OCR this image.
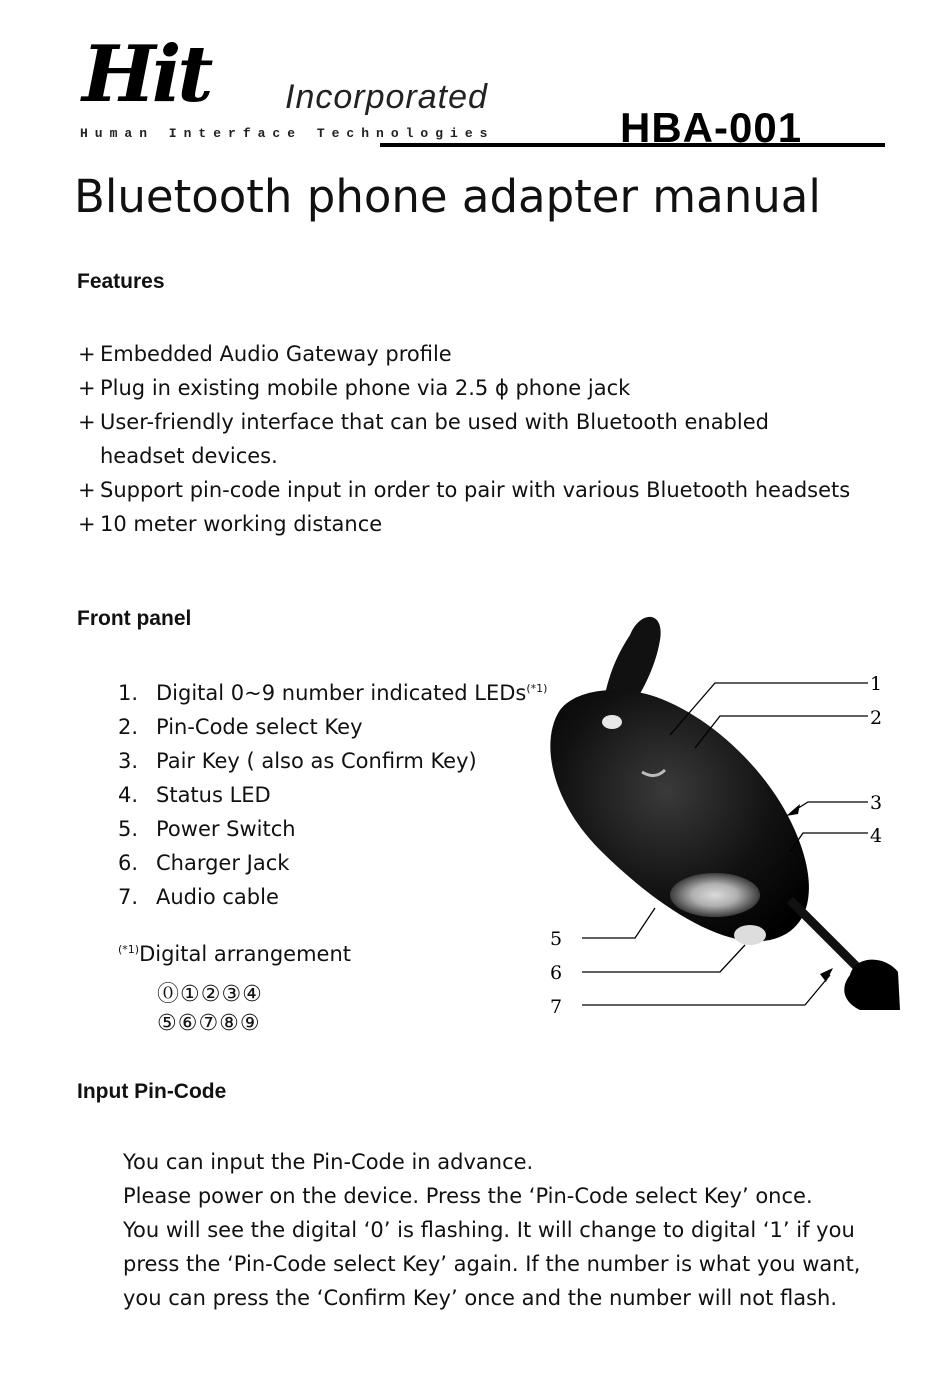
Hit Incorporated
Human Interface Technologies	HBA-001
Bluetooth phone adapter manual
Features
+ Embedded Audio Gateway profile
+ Plug in existing mobile phone via 2.5 ϕ phone jack
+ User-friendly interface that can be used with Bluetooth enabled headset devices.
+ Support pin-code input in order to pair with various Bluetooth headsets
+ 10 meter working distance
Front panel
1. Digital 0~9 number indicated LEDs$^{(*1)}$
2. Pin-Code select Key
3. Pair Key ( also as Confirm Key)
4. Status LED
5. Power Switch
6. Charger Jack
7. Audio cable
$^{(*1)}$Digital arrangement
⓪①②③④
⑤⑥⑦⑧⑨
1
2
3
4
5
6
7
Input Pin-Code

You can input the Pin-Code in advance.

Please power on the device. Press the ‘Pin-Code select Key’ once.

You will see the digital ‘0’ is flashing. It will change to digital ‘1’ if you

press the ‘Pin-Code select Key’ again. If the number is what you want,

you can press the ‘Confirm Key’ once and the number will not flash.
